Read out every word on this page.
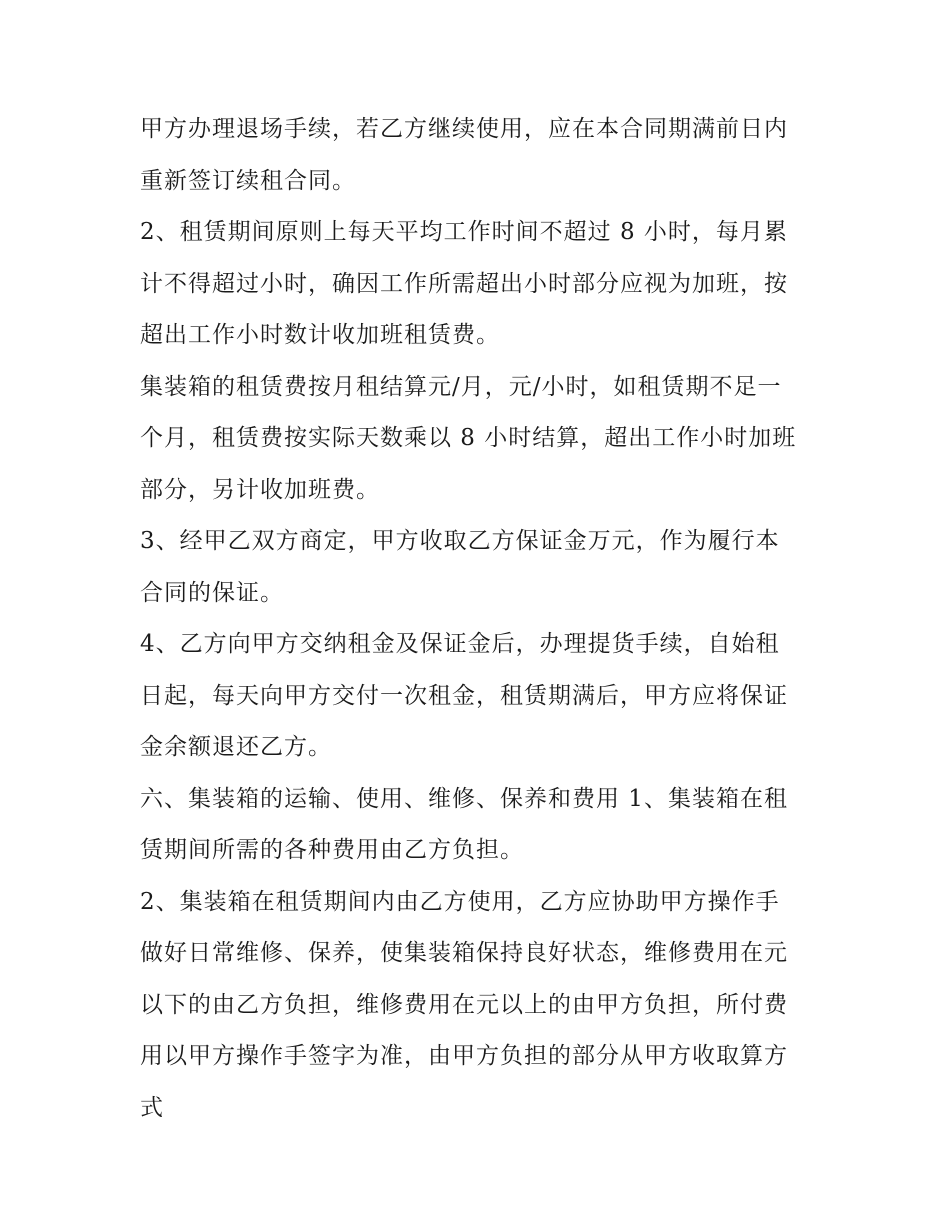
甲方办理退场手续，若乙方继续使用，应在本合同期满前日内
重新签订续租合同。

2、租赁期间原则上每天平均工作时间不超过 8 小时，每月累
计不得超过小时，确因工作所需超出小时部分应视为加班，按
超出工作小时数计收加班租赁费。

集装箱的租赁费按月租结算元/月，元/小时，如租赁期不足一
个月，租赁费按实际天数乘以 8 小时结算，超出工作小时加班
部分，另计收加班费。

3、经甲乙双方商定，甲方收取乙方保证金万元，作为履行本
合同的保证。

4、乙方向甲方交纳租金及保证金后，办理提货手续，自始租
日起，每天向甲方交付一次租金，租赁期满后，甲方应将保证
金余额退还乙方。

六、集装箱的运输、使用、维修、保养和费用 1、集装箱在租
赁期间所需的各种费用由乙方负担。

2、集装箱在租赁期间内由乙方使用，乙方应协助甲方操作手
做好日常维修、保养，使集装箱保持良好状态，维修费用在元
以下的由乙方负担，维修费用在元以上的由甲方负担，所付费
用以甲方操作手签字为准，由甲方负担的部分从甲方收取算方
式
